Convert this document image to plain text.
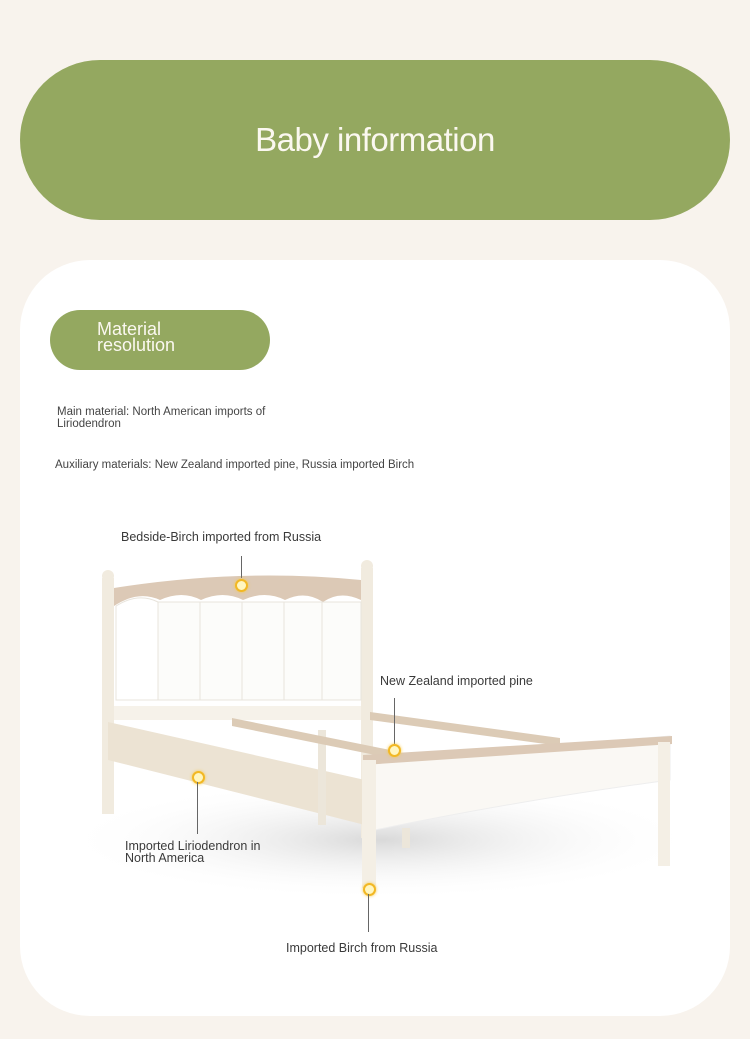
Baby information
Material resolution
Main material: North American imports of Liriodendron
Auxiliary materials: New Zealand imported pine, Russia imported Birch
Bedside-Birch imported from Russia
New Zealand imported pine
Imported Liriodendron in North America
Imported Birch from Russia
